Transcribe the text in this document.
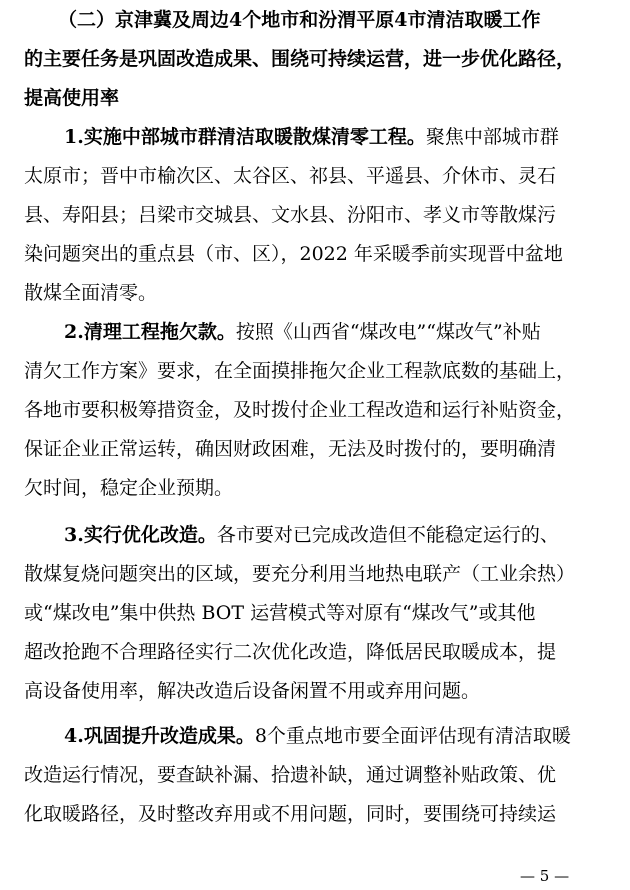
（二）京津冀及周边4个地市和汾渭平原4市清洁取暖工作
的主要任务是巩固改造成果、围绕可持续运营，进一步优化路径，
提高使用率
1.实施中部城市群清洁取暖散煤清零工程。聚焦中部城市群
太原市；晋中市榆次区、太谷区、祁县、平遥县、介休市、灵石
县、寿阳县；吕梁市交城县、文水县、汾阳市、孝义市等散煤污
染问题突出的重点县（市、区），2022 年采暖季前实现晋中盆地
散煤全面清零。
2.清理工程拖欠款。按照《山西省“煤改电”“煤改气”补贴
清欠工作方案》要求，在全面摸排拖欠企业工程款底数的基础上，
各地市要积极筹措资金，及时拨付企业工程改造和运行补贴资金，
保证企业正常运转，确因财政困难，无法及时拨付的，要明确清
欠时间，稳定企业预期。
3.实行优化改造。各市要对已完成改造但不能稳定运行的、
散煤复烧问题突出的区域，要充分利用当地热电联产（工业余热）
或“煤改电”集中供热 BOT 运营模式等对原有“煤改气”或其他
超改抢跑不合理路径实行二次优化改造，降低居民取暖成本，提
高设备使用率，解决改造后设备闲置不用或弃用问题。
4.巩固提升改造成果。8个重点地市要全面评估现有清洁取暖
改造运行情况，要查缺补漏、拾遗补缺，通过调整补贴政策、优
化取暖路径，及时整改弃用或不用问题，同时，要围绕可持续运
— 5 —
